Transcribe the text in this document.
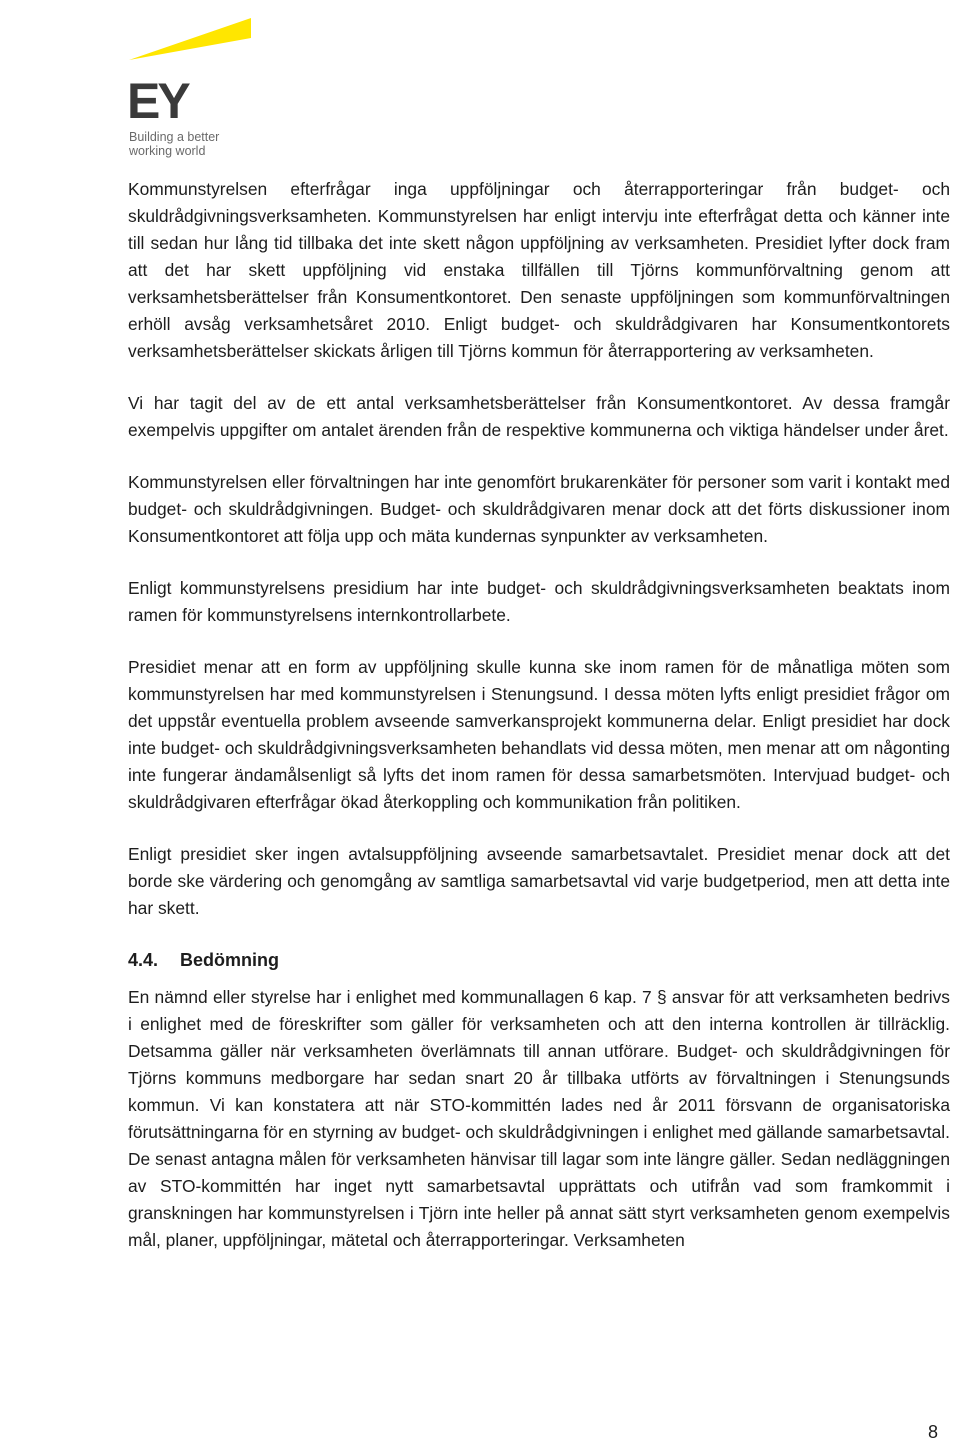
EY
Building a better
working world

Kommunstyrelsen efterfrågar inga uppföljningar och återrapporteringar från budget- och skuldrådgivningsverksamheten. Kommunstyrelsen har enligt intervju inte efterfrågat detta och känner inte till sedan hur lång tid tillbaka det inte skett någon uppföljning av verksamheten. Presidiet lyfter dock fram att det har skett uppföljning vid enstaka tillfällen till Tjörns kommunförvaltning genom att verksamhetsberättelser från Konsumentkontoret. Den senaste uppföljningen som kommunförvaltningen erhöll avsåg verksamhetsåret 2010. Enligt budget- och skuldrådgivaren har Konsumentkontorets verksamhetsberättelser skickats årligen till Tjörns kommun för återrapportering av verksamheten.

Vi har tagit del av de ett antal verksamhetsberättelser från Konsumentkontoret. Av dessa framgår exempelvis uppgifter om antalet ärenden från de respektive kommunerna och viktiga händelser under året.

Kommunstyrelsen eller förvaltningen har inte genomfört brukarenkäter för personer som varit i kontakt med budget- och skuldrådgivningen. Budget- och skuldrådgivaren menar dock att det förts diskussioner inom Konsumentkontoret att följa upp och mäta kundernas synpunkter av verksamheten.

Enligt kommunstyrelsens presidium har inte budget- och skuldrådgivningsverksamheten beaktats inom ramen för kommunstyrelsens internkontrollarbete.

Presidiet menar att en form av uppföljning skulle kunna ske inom ramen för de månatliga möten som kommunstyrelsen har med kommunstyrelsen i Stenungsund. I dessa möten lyfts enligt presidiet frågor om det uppstår eventuella problem avseende samverkansprojekt kommunerna delar. Enligt presidiet har dock inte budget- och skuldrådgivningsverksamheten behandlats vid dessa möten, men menar att om någonting inte fungerar ändamålsenligt så lyfts det inom ramen för dessa samarbetsmöten. Intervjuad budget- och skuldrådgivaren efterfrågar ökad återkoppling och kommunikation från politiken.

Enligt presidiet sker ingen avtalsuppföljning avseende samarbetsavtalet. Presidiet menar dock att det borde ske värdering och genomgång av samtliga samarbetsavtal vid varje budgetperiod, men att detta inte har skett.

4.4. Bedömning

En nämnd eller styrelse har i enlighet med kommunallagen 6 kap. 7 § ansvar för att verksamheten bedrivs i enlighet med de föreskrifter som gäller för verksamheten och att den interna kontrollen är tillräcklig. Detsamma gäller när verksamheten överlämnats till annan utförare. Budget- och skuldrådgivningen för Tjörns kommuns medborgare har sedan snart 20 år tillbaka utförts av förvaltningen i Stenungsunds kommun. Vi kan konstatera att när STO-kommittén lades ned år 2011 försvann de organisatoriska förutsättningarna för en styrning av budget- och skuldrådgivningen i enlighet med gällande samarbetsavtal. De senast antagna målen för verksamheten hänvisar till lagar som inte längre gäller. Sedan nedläggningen av STO-kommittén har inget nytt samarbetsavtal upprättats och utifrån vad som framkommit i granskningen har kommunstyrelsen i Tjörn inte heller på annat sätt styrt verksamheten genom exempelvis mål, planer, uppföljningar, mätetal och återrapporteringar. Verksamheten

8
